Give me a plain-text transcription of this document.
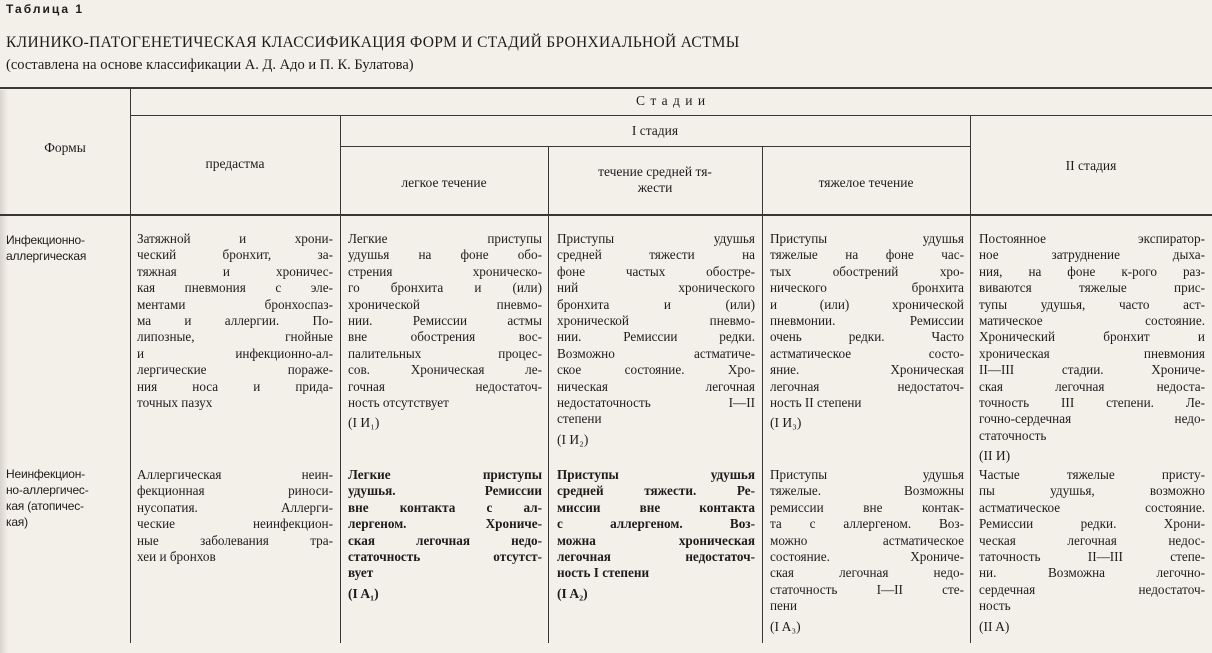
Таблица 1
КЛИНИКО-ПАТОГЕНЕТИЧЕСКАЯ КЛАССИФИКАЦИЯ ФОРМ И СТАДИЙ БРОНХИАЛЬНОЙ АСТМЫ
(составлена на основе классификации А. Д. Адо и П. К. Булатова)
Формы
С т а д и и
I стадия
предастма
легкое течение
течение средней тя-
жести	тяжелое течение
II стадия
Инфекционно-
аллергическая
Неинфекцион-
но-аллергичес-
кая (атопичес-
кая)
Затяжной и хрони-
ческий бронхит, за-
тяжная и хроничес-
кая пневмония с эле-
ментами бронхоспаз-
ма и аллергии. По-
липозные, гнойные
и инфекционно-ал-
лергические пораже-
ния носа и прида-
точных пазух
Легкие приступы
удушья на фоне обо-
стрения хроническо-
го бронхита и (или)
хронической пневмо-
нии. Ремиссии астмы
вне обострения вос-
палительных процес-
сов. Хроническая ле-
гочная недостаточ-
ность отсутствует
(I И₁)
Приступы удушья
средней тяжести на
фоне частых обостре-
ний хронического
бронхита и (или)
хронической пневмо-
нии. Ремиссии редки.
Возможно астматиче-
ское состояние. Хро-
ническая легочная
недостаточность I—II
степени
(I И₂)
Приступы удушья
тяжелые на фоне час-
тых обострений хро-
нического бронхита
и (или) хронической
пневмонии. Ремиссии
очень редки. Часто
астматическое состо-
яние. Хроническая
легочная недостаточ-
ность II степени
(I И₃)
Постоянное экспиратор-
ное затруднение дыха-
ния, на фоне к-рого раз-
виваются тяжелые прис-
тупы удушья, часто аст-
матическое состояние.
Хронический бронхит и
хроническая пневмония
II—III стадии. Хрониче-
ская легочная недоста-
точность III степени. Ле-
гочно-сердечная недо-
статочность
(II И)
Аллергическая неин-
фекционная риноси-
нусопатия. Аллерги-
ческие неинфекцион-
ные заболевания тра-
хеи и бронхов
Легкие приступы
удушья. Ремиссии
вне контакта с ал-
лергеном. Хрониче-
ская легочная недо-
статочность отсутст-
вует
(I A₁)
Приступы удушья
средней тяжести. Ре-
миссии вне контакта
с аллергеном. Воз-
можна хроническая
легочная недостаточ-
ность I степени
(I A₂)
Приступы удушья
тяжелые. Возможны
ремиссии вне контак-
та с аллергеном. Воз-
можно астматическое
состояние. Хрониче-
ская легочная недо-
статочность I—II сте-
пени
(I A₃)
Частые тяжелые присту-
пы удушья, возможно
астматическое состояние.
Ремиссии редки. Хрони-
ческая легочная недос-
таточность II—III степе-
ни. Возможна легочно-
сердечная недостаточ-
ность
(II A)
